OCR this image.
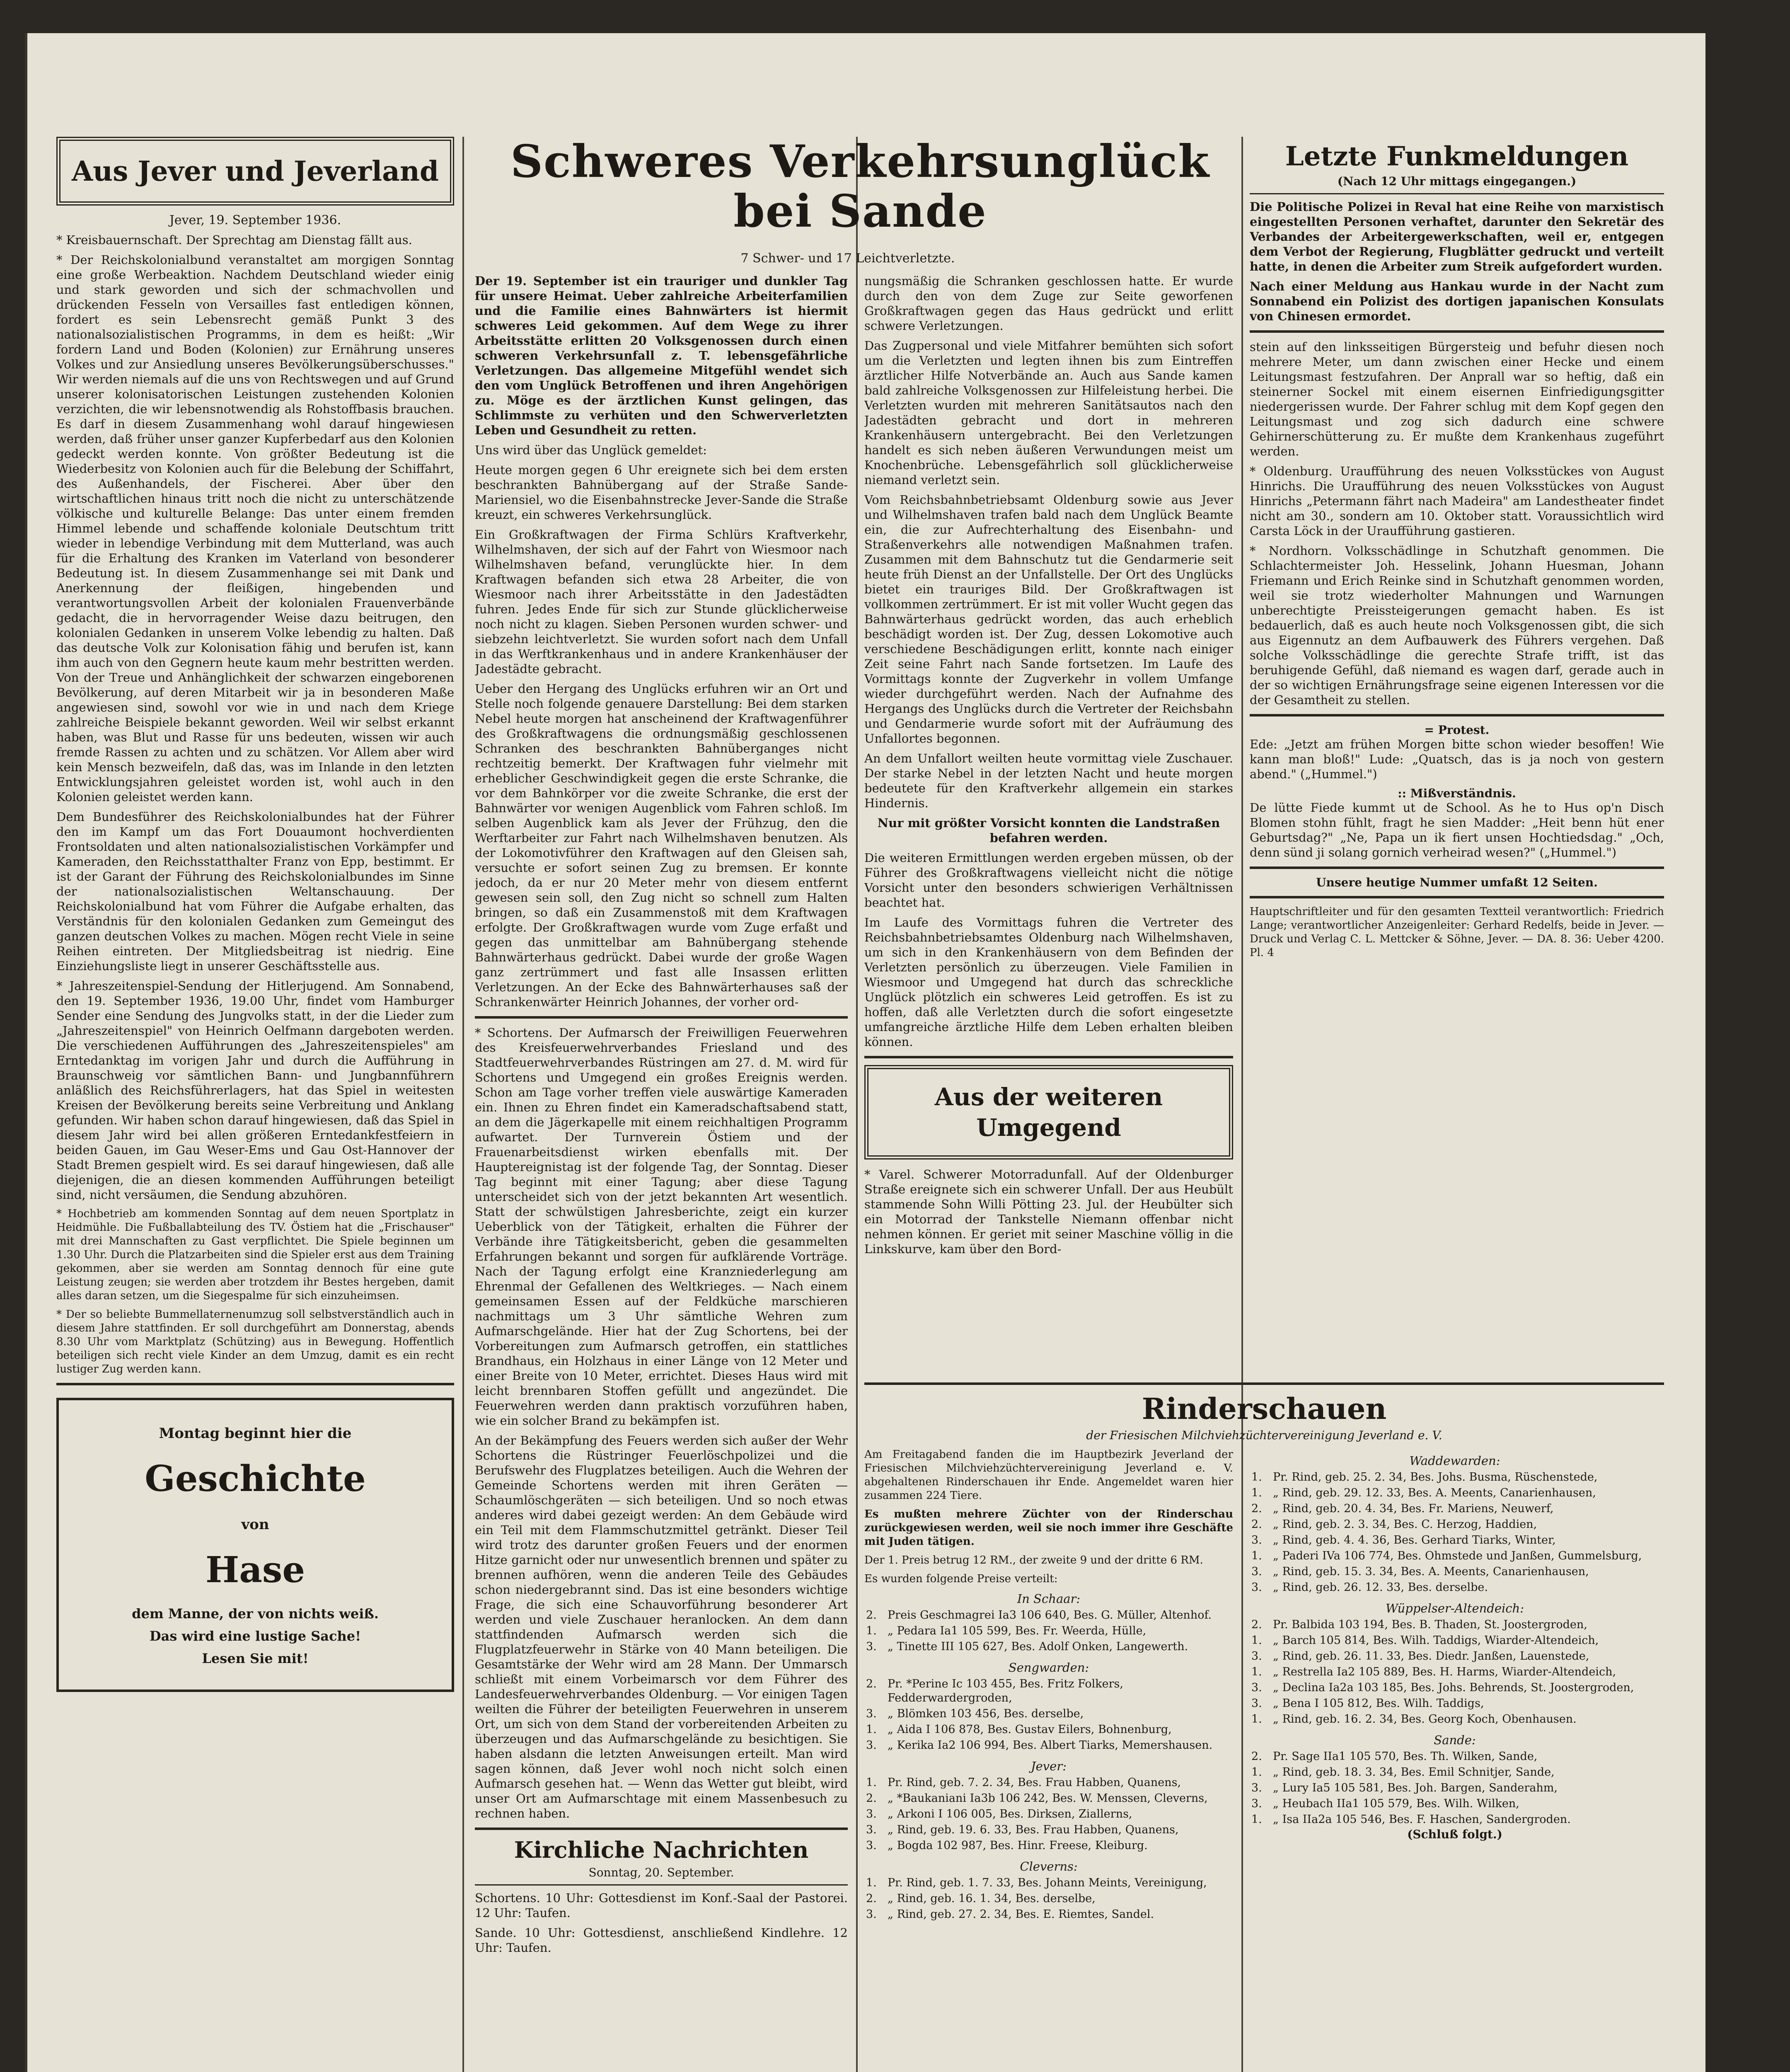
Aus Jever und Jeverland
Jever, 19. September 1936.

* Kreisbauernschaft. Der Sprechtag am Dienstag fällt aus.

* Der Reichskolonialbund veranstaltet am morgigen Sonntag eine große Werbeaktion. Nachdem Deutschland wieder einig und stark geworden und sich der schmachvollen und drückenden Fesseln von Versailles fast entledigen können, fordert es sein Lebensrecht gemäß Punkt 3 des nationalsozialistischen Programms, in dem es heißt: „Wir fordern Land und Boden (Kolonien) zur Ernährung unseres Volkes und zur Ansiedlung unseres Bevölkerungsüberschusses." Wir werden niemals auf die uns von Rechtswegen und auf Grund unserer kolonisatorischen Leistungen zustehenden Kolonien verzichten, die wir lebensnotwendig als Rohstoffbasis brauchen. Es darf in diesem Zusammenhang wohl darauf hingewiesen werden, daß früher unser ganzer Kupferbedarf aus den Kolonien gedeckt werden konnte. Von größter Bedeutung ist die Wiederbesitz von Kolonien auch für die Belebung der Schiffahrt, des Außenhandels, der Fischerei. Aber über den wirtschaftlichen hinaus tritt noch die nicht zu unterschätzende völkische und kulturelle Belange: Das unter einem fremden Himmel lebende und schaffende koloniale Deutschtum tritt wieder in lebendige Verbindung mit dem Mutterland, was auch für die Erhaltung des Kranken im Vaterland von besonderer Bedeutung ist. In diesem Zusammenhange sei mit Dank und Anerkennung der fleißigen, hingebenden und verantwortungsvollen Arbeit der kolonialen Frauenverbände gedacht, die in hervorragender Weise dazu beitrugen, den kolonialen Gedanken in unserem Volke lebendig zu halten. Daß das deutsche Volk zur Kolonisation fähig und berufen ist, kann ihm auch von den Gegnern heute kaum mehr bestritten werden. Von der Treue und Anhänglichkeit der schwarzen eingeborenen Bevölkerung, auf deren Mitarbeit wir ja in besonderen Maße angewiesen sind, sowohl vor wie in und nach dem Kriege zahlreiche Beispiele bekannt geworden. Weil wir selbst erkannt haben, was Blut und Rasse für uns bedeuten, wissen wir auch fremde Rassen zu achten und zu schätzen. Vor Allem aber wird kein Mensch bezweifeln, daß das, was im Inlande in den letzten Entwicklungsjahren geleistet worden ist, wohl auch in den Kolonien geleistet werden kann.

Dem Bundesführer des Reichskolonialbundes hat der Führer den im Kampf um das Fort Douaumont hochverdienten Frontsoldaten und alten nationalsozialistischen Vorkämpfer und Kameraden, den Reichsstatthalter Franz von Epp, bestimmt. Er ist der Garant der Führung des Reichskolonialbundes im Sinne der nationalsozialistischen Weltanschauung. Der Reichskolonialbund hat vom Führer die Aufgabe erhalten, das Verständnis für den kolonialen Gedanken zum Gemeingut des ganzen deutschen Volkes zu machen. Mögen recht Viele in seine Reihen eintreten. Der Mitgliedsbeitrag ist niedrig. Eine Einziehungsliste liegt in unserer Geschäftsstelle aus.

* Jahreszeitenspiel-Sendung der Hitlerjugend. Am Sonnabend, den 19. September 1936, 19.00 Uhr, findet vom Hamburger Sender eine Sendung des Jungvolks statt, in der die Lieder zum „Jahreszeitenspiel" von Heinrich Oelfmann dargeboten werden. Die verschiedenen Aufführungen des „Jahreszeitenspieles" am Erntedanktag im vorigen Jahr und durch die Aufführung in Braunschweig vor sämtlichen Bann- und Jungbannführern anläßlich des Reichsführerlagers, hat das Spiel in weitesten Kreisen der Bevölkerung bereits seine Verbreitung und Anklang gefunden. Wir haben schon darauf hingewiesen, daß das Spiel in diesem Jahr wird bei allen größeren Erntedankfestfeiern in beiden Gauen, im Gau Weser-Ems und Gau Ost-Hannover der Stadt Bremen gespielt wird. Es sei darauf hingewiesen, daß alle diejenigen, die an diesen kommenden Aufführungen beteiligt sind, nicht versäumen, die Sendung abzuhören.

* Hochbetrieb am kommenden Sonntag auf dem neuen Sportplatz in Heidmühle. Die Fußballabteilung des TV. Östiem hat die „Frischauser" mit drei Mannschaften zu Gast verpflichtet. Die Spiele beginnen um 1.30 Uhr. Durch die Platzarbeiten sind die Spieler erst aus dem Training gekommen, aber sie werden am Sonntag dennoch für eine gute Leistung zeugen; sie werden aber trotzdem ihr Bestes hergeben, damit alles daran setzen, um die Siegespalme für sich einzuheimsen.

* Der so beliebte Bummellaternenumzug soll selbstverständlich auch in diesem Jahre stattfinden. Er soll durchgeführt am Donnerstag, abends 8.30 Uhr vom Marktplatz (Schützing) aus in Bewegung. Hoffentlich beteiligen sich recht viele Kinder an dem Umzug, damit es ein recht lustiger Zug werden kann.

Montag beginnt hier die
Geschichte
von
Hase
dem Manne, der von nichts weiß.
Das wird eine lustige Sache!
Lesen Sie mit!
Schweres Verkehrsunglück
bei Sande
7 Schwer- und 17 Leichtverletzte.

Der 19. September ist ein trauriger und dunkler Tag für unsere Heimat. Ueber zahlreiche Arbeiterfamilien und die Familie eines Bahnwärters ist hiermit schweres Leid gekommen. Auf dem Wege zu ihrer Arbeitsstätte erlitten 20 Volksgenossen durch einen schweren Verkehrsunfall z. T. lebensgefährliche Verletzungen. Das allgemeine Mitgefühl wendet sich den vom Unglück Betroffenen und ihren Angehörigen zu. Möge es der ärztlichen Kunst gelingen, das Schlimmste zu verhüten und den Schwerverletzten Leben und Gesundheit zu retten.

Uns wird über das Unglück gemeldet:

Heute morgen gegen 6 Uhr ereignete sich bei dem ersten beschrankten Bahnübergang auf der Straße Sande-Mariensiel, wo die Eisenbahnstrecke Jever-Sande die Straße kreuzt, ein schweres Verkehrsunglück.

Ein Großkraftwagen der Firma Schlürs Kraftverkehr, Wilhelmshaven, der sich auf der Fahrt von Wiesmoor nach Wilhelmshaven befand, verunglückte hier. In dem Kraftwagen befanden sich etwa 28 Arbeiter, die von Wiesmoor nach ihrer Arbeitsstätte in den Jadestädten fuhren. Jedes Ende für sich zur Stunde glücklicherweise noch nicht zu klagen. Sieben Personen wurden schwer- und siebzehn leichtverletzt. Sie wurden sofort nach dem Unfall in das Werftkrankenhaus und in andere Krankenhäuser der Jadestädte gebracht.

Ueber den Hergang des Unglücks erfuhren wir an Ort und Stelle noch folgende genauere Darstellung: Bei dem starken Nebel heute morgen hat anscheinend der Kraftwagenführer des Großkraftwagens die ordnungsmäßig geschlossenen Schranken des beschrankten Bahnüberganges nicht rechtzeitig bemerkt. Der Kraftwagen fuhr vielmehr mit erheblicher Geschwindigkeit gegen die erste Schranke, die vor dem Bahnkörper vor die zweite Schranke, die erst der Bahnwärter vor wenigen Augenblick vom Fahren schloß. Im selben Augenblick kam als Jever der Frühzug, den die Werftarbeiter zur Fahrt nach Wilhelmshaven benutzen. Als der Lokomotivführer den Kraftwagen auf den Gleisen sah, versuchte er sofort seinen Zug zu bremsen. Er konnte jedoch, da er nur 20 Meter mehr von diesem entfernt gewesen sein soll, den Zug nicht so schnell zum Halten bringen, so daß ein Zusammenstoß mit dem Kraftwagen erfolgte. Der Großkraftwagen wurde vom Zuge erfaßt und gegen das unmittelbar am Bahnübergang stehende Bahnwärterhaus gedrückt. Dabei wurde der große Wagen ganz zertrümmert und fast alle Insassen erlitten Verletzungen. An der Ecke des Bahnwärterhauses saß der Schrankenwärter Heinrich Johannes, der vorher ord-

* Schortens. Der Aufmarsch der Freiwilligen Feuerwehren des Kreisfeuerwehrverbandes Friesland und des Stadtfeuerwehrverbandes Rüstringen am 27. d. M. wird für Schortens und Umgegend ein großes Ereignis werden. Schon am Tage vorher treffen viele auswärtige Kameraden ein. Ihnen zu Ehren findet ein Kameradschaftsabend statt, an dem die Jägerkapelle mit einem reichhaltigen Programm aufwartet. Der Turnverein Östiem und der Frauenarbeitsdienst wirken ebenfalls mit. Der Hauptereignistag ist der folgende Tag, der Sonntag. Dieser Tag beginnt mit einer Tagung; aber diese Tagung unterscheidet sich von der jetzt bekannten Art wesentlich. Statt der schwülstigen Jahresberichte, zeigt ein kurzer Ueberblick von der Tätigkeit, erhalten die Führer der Verbände ihre Tätigkeitsbericht, geben die gesammelten Erfahrungen bekannt und sorgen für aufklärende Vorträge. Nach der Tagung erfolgt eine Kranzniederlegung am Ehrenmal der Gefallenen des Weltkrieges. — Nach einem gemeinsamen Essen auf der Feldküche marschieren nachmittags um 3 Uhr sämtliche Wehren zum Aufmarschgelände. Hier hat der Zug Schortens, bei der Vorbereitungen zum Aufmarsch getroffen, ein stattliches Brandhaus, ein Holzhaus in einer Länge von 12 Meter und einer Breite von 10 Meter, errichtet. Dieses Haus wird mit leicht brennbaren Stoffen gefüllt und angezündet. Die Feuerwehren werden dann praktisch vorzuführen haben, wie ein solcher Brand zu bekämpfen ist.

An der Bekämpfung des Feuers werden sich außer der Wehr Schortens die Rüstringer Feuerlöschpolizei und die Berufswehr des Flugplatzes beteiligen. Auch die Wehren der Gemeinde Schortens werden mit ihren Geräten — Schaumlöschgeräten — sich beteiligen. Und so noch etwas anderes wird dabei gezeigt werden: An dem Gebäude wird ein Teil mit dem Flammschutzmittel getränkt. Dieser Teil wird trotz des darunter großen Feuers und der enormen Hitze garnicht oder nur unwesentlich brennen und später zu brennen aufhören, wenn die anderen Teile des Gebäudes schon niedergebrannt sind. Das ist eine besonders wichtige Frage, die sich eine Schauvorführung besonderer Art werden und viele Zuschauer heranlocken. An dem dann stattfindenden Aufmarsch werden sich die Flugplatzfeuerwehr in Stärke von 40 Mann beteiligen. Die Gesamtstärke der Wehr wird am 28 Mann. Der Ummarsch schließt mit einem Vorbeimarsch vor dem Führer des Landesfeuerwehrverbandes Oldenburg. — Vor einigen Tagen weilten die Führer der beteiligten Feuerwehren in unserem Ort, um sich von dem Stand der vorbereitenden Arbeiten zu überzeugen und das Aufmarschgelände zu besichtigen. Sie haben alsdann die letzten Anweisungen erteilt. Man wird sagen können, daß Jever wohl noch nicht solch einen Aufmarsch gesehen hat. — Wenn das Wetter gut bleibt, wird unser Ort am Aufmarschtage mit einem Massenbesuch zu rechnen haben.

Kirchliche Nachrichten
Sonntag, 20. September.

Schortens. 10 Uhr: Gottesdienst im Konf.-Saal der Pastorei. 12 Uhr: Taufen.

Sande. 10 Uhr: Gottesdienst, anschließend Kindlehre. 12 Uhr: Taufen.

nungsmäßig die Schranken geschlossen hatte. Er wurde durch den von dem Zuge zur Seite geworfenen Großkraftwagen gegen das Haus gedrückt und erlitt schwere Verletzungen.

Das Zugpersonal und viele Mitfahrer bemühten sich sofort um die Verletzten und legten ihnen bis zum Eintreffen ärztlicher Hilfe Notverbände an. Auch aus Sande kamen bald zahlreiche Volksgenossen zur Hilfeleistung herbei. Die Verletzten wurden mit mehreren Sanitätsautos nach den Jadestädten gebracht und dort in mehreren Krankenhäusern untergebracht. Bei den Verletzungen handelt es sich neben äußeren Verwundungen meist um Knochenbrüche. Lebensgefährlich soll glücklicherweise niemand verletzt sein.

Vom Reichsbahnbetriebsamt Oldenburg sowie aus Jever und Wilhelmshaven trafen bald nach dem Unglück Beamte ein, die zur Aufrechterhaltung des Eisenbahn- und Straßenverkehrs alle notwendigen Maßnahmen trafen. Zusammen mit dem Bahnschutz tut die Gendarmerie seit heute früh Dienst an der Unfallstelle. Der Ort des Unglücks bietet ein trauriges Bild. Der Großkraftwagen ist vollkommen zertrümmert. Er ist mit voller Wucht gegen das Bahnwärterhaus gedrückt worden, das auch erheblich beschädigt worden ist. Der Zug, dessen Lokomotive auch verschiedene Beschädigungen erlitt, konnte nach einiger Zeit seine Fahrt nach Sande fortsetzen. Im Laufe des Vormittags konnte der Zugverkehr in vollem Umfange wieder durchgeführt werden. Nach der Aufnahme des Hergangs des Unglücks durch die Vertreter der Reichsbahn und Gendarmerie wurde sofort mit der Aufräumung des Unfallortes begonnen.

An dem Unfallort weilten heute vormittag viele Zuschauer. Der starke Nebel in der letzten Nacht und heute morgen bedeutete für den Kraftverkehr allgemein ein starkes Hindernis.

Nur mit größter Vorsicht konnten die Landstraßen befahren werden.

Die weiteren Ermittlungen werden ergeben müssen, ob der Führer des Großkraftwagens vielleicht nicht die nötige Vorsicht unter den besonders schwierigen Verhältnissen beachtet hat.

Im Laufe des Vormittags fuhren die Vertreter des Reichsbahnbetriebsamtes Oldenburg nach Wilhelmshaven, um sich in den Krankenhäusern von dem Befinden der Verletzten persönlich zu überzeugen. Viele Familien in Wiesmoor und Umgegend hat durch das schreckliche Unglück plötzlich ein schweres Leid getroffen. Es ist zu hoffen, daß alle Verletzten durch die sofort eingesetzte umfangreiche ärztliche Hilfe dem Leben erhalten bleiben können.

Aus der weiteren Umgegend

* Varel. Schwerer Motorradunfall. Auf der Oldenburger Straße ereignete sich ein schwerer Unfall. Der aus Heubült stammende Sohn Willi Pötting 23. Jul. der Heubülter sich ein Motorrad der Tankstelle Niemann offenbar nicht nehmen können. Er geriet mit seiner Maschine völlig in die Linkskurve, kam über den Bord-

Letzte Funkmeldungen
(Nach 12 Uhr mittags eingegangen.)

Die Politische Polizei in Reval hat eine Reihe von marxistisch eingestellten Personen verhaftet, darunter den Sekretär des Verbandes der Arbeitergewerkschaften, weil er, entgegen dem Verbot der Regierung, Flugblätter gedruckt und verteilt hatte, in denen die Arbeiter zum Streik aufgefordert wurden.

Nach einer Meldung aus Hankau wurde in der Nacht zum Sonnabend ein Polizist des dortigen japanischen Konsulats von Chinesen ermordet.

stein auf den linksseitigen Bürgersteig und befuhr diesen noch mehrere Meter, um dann zwischen einer Hecke und einem Leitungsmast festzufahren. Der Anprall war so heftig, daß ein steinerner Sockel mit einem eisernen Einfriedigungsgitter niedergerissen wurde. Der Fahrer schlug mit dem Kopf gegen den Leitungsmast und zog sich dadurch eine schwere Gehirnerschütterung zu. Er mußte dem Krankenhaus zugeführt werden.

* Oldenburg. Uraufführung des neuen Volksstückes von August Hinrichs. Die Uraufführung des neuen Volksstückes von August Hinrichs „Petermann fährt nach Madeira" am Landestheater findet nicht am 30., sondern am 10. Oktober statt. Voraussichtlich wird Carsta Löck in der Uraufführung gastieren.

* Nordhorn. Volksschädlinge in Schutzhaft genommen. Die Schlachtermeister Joh. Hesselink, Johann Huesman, Johann Friemann und Erich Reinke sind in Schutzhaft genommen worden, weil sie trotz wiederholter Mahnungen und Warnungen unberechtigte Preissteigerungen gemacht haben. Es ist bedauerlich, daß es auch heute noch Volksgenossen gibt, die sich aus Eigennutz an dem Aufbauwerk des Führers vergehen. Daß solche Volksschädlinge die gerechte Strafe trifft, ist das beruhigende Gefühl, daß niemand es wagen darf, gerade auch in der so wichtigen Ernährungsfrage seine eigenen Interessen vor die der Gesamtheit zu stellen.

= Protest.

Ede: „Jetzt am frühen Morgen bitte schon wieder besoffen! Wie kann man bloß!" Lude: „Quatsch, das is ja noch von gestern abend." („Hummel.")

:: Mißverständnis.

De lütte Fiede kummt ut de School. As he to Hus op'n Disch Blomen stohn fühlt, fragt he sien Madder: „Heit benn hüt ener Geburtsdag?" „Ne, Papa un ik fiert unsen Hochtiedsdag." „Och, denn sünd ji solang gornich verheirad wesen?" („Hummel.")

Unsere heutige Nummer umfaßt 12 Seiten.

Hauptschriftleiter und für den gesamten Textteil verantwortlich: Friedrich Lange; verantwortlicher Anzeigenleiter: Gerhard Redelfs, beide in Jever. — Druck und Verlag C. L. Mettcker & Söhne, Jever. — DA. 8. 36: Ueber 4200. Pl. 4

Rinderschauen
der Friesischen Milchviehzüchtervereinigung Jeverland e. V.

Am Freitagabend fanden die im Hauptbezirk Jeverland der Friesischen Milchviehzüchtervereinigung Jeverland e. V. abgehaltenen Rinderschauen ihr Ende. Angemeldet waren hier zusammen 224 Tiere.

Es mußten mehrere Züchter von der Rinderschau zurückgewiesen werden, weil sie noch immer ihre Geschäfte mit Juden tätigen.

Der 1. Preis betrug 12 RM., der zweite 9 und der dritte 6 RM.

Es wurden folgende Preise verteilt:

In Schaar:
2.	Preis Geschmagrei Ia3 106 640, Bes. G. Müller, Altenhof.
1.	„ Pedara Ia1 105 599, Bes. Fr. Weerda, Hülle,
3.	„ Tinette III 105 627, Bes. Adolf Onken, Langewerth.
Sengwarden:
2.	Pr. *Perine Ic 103 455, Bes. Fritz Folkers, Fedderwardergroden,
3.	„ Blömken 103 456, Bes. derselbe,
1.	„ Aida I 106 878, Bes. Gustav Eilers, Bohnenburg,
3.	„ Kerika Ia2 106 994, Bes. Albert Tiarks, Memershausen.
Jever:
1.	Pr. Rind, geb. 7. 2. 34, Bes. Frau Habben, Quanens,
2.	„ *Baukaniani Ia3b 106 242, Bes. W. Menssen, Cleverns,
3.	„ Arkoni I 106 005, Bes. Dirksen, Ziallerns,
3.	„ Rind, geb. 19. 6. 33, Bes. Frau Habben, Quanens,
3.	„ Bogda 102 987, Bes. Hinr. Freese, Kleiburg.
Cleverns:
1.	Pr. Rind, geb. 1. 7. 33, Bes. Johann Meints, Vereinigung,
2.	„ Rind, geb. 16. 1. 34, Bes. derselbe,
3.	„ Rind, geb. 27. 2. 34, Bes. E. Riemtes, Sandel.
Waddewarden:
1.	Pr. Rind, geb. 25. 2. 34, Bes. Johs. Busma, Rüschenstede,
1.	„ Rind, geb. 29. 12. 33, Bes. A. Meents, Canarienhausen,
2.	„ Rind, geb. 20. 4. 34, Bes. Fr. Mariens, Neuwerf,
2.	„ Rind, geb. 2. 3. 34, Bes. C. Herzog, Haddien,
3.	„ Rind, geb. 4. 4. 36, Bes. Gerhard Tiarks, Winter,
1.	„ Paderi IVa 106 774, Bes. Ohmstede und Janßen, Gummelsburg,
3.	„ Rind, geb. 15. 3. 34, Bes. A. Meents, Canarienhausen,
3.	„ Rind, geb. 26. 12. 33, Bes. derselbe.
Wüppelser-Altendeich:
2.	Pr. Balbida 103 194, Bes. B. Thaden, St. Joostergroden,
1.	„ Barch 105 814, Bes. Wilh. Taddigs, Wiarder-Altendeich,
3.	„ Rind, geb. 26. 11. 33, Bes. Diedr. Janßen, Lauenstede,
1.	„ Restrella Ia2 105 889, Bes. H. Harms, Wiarder-Altendeich,
3.	„ Declina Ia2a 103 185, Bes. Johs. Behrends, St. Joostergroden,
3.	„ Bena I 105 812, Bes. Wilh. Taddigs,
1.	„ Rind, geb. 16. 2. 34, Bes. Georg Koch, Obenhausen.
Sande:
2.	Pr. Sage IIa1 105 570, Bes. Th. Wilken, Sande,
1.	„ Rind, geb. 18. 3. 34, Bes. Emil Schnitjer, Sande,
3.	„ Lury Ia5 105 581, Bes. Joh. Bargen, Sanderahm,
3.	„ Heubach IIa1 105 579, Bes. Wilh. Wilken,
1.	„ Isa IIa2a 105 546, Bes. F. Haschen, Sandergroden.
(Schluß folgt.)
